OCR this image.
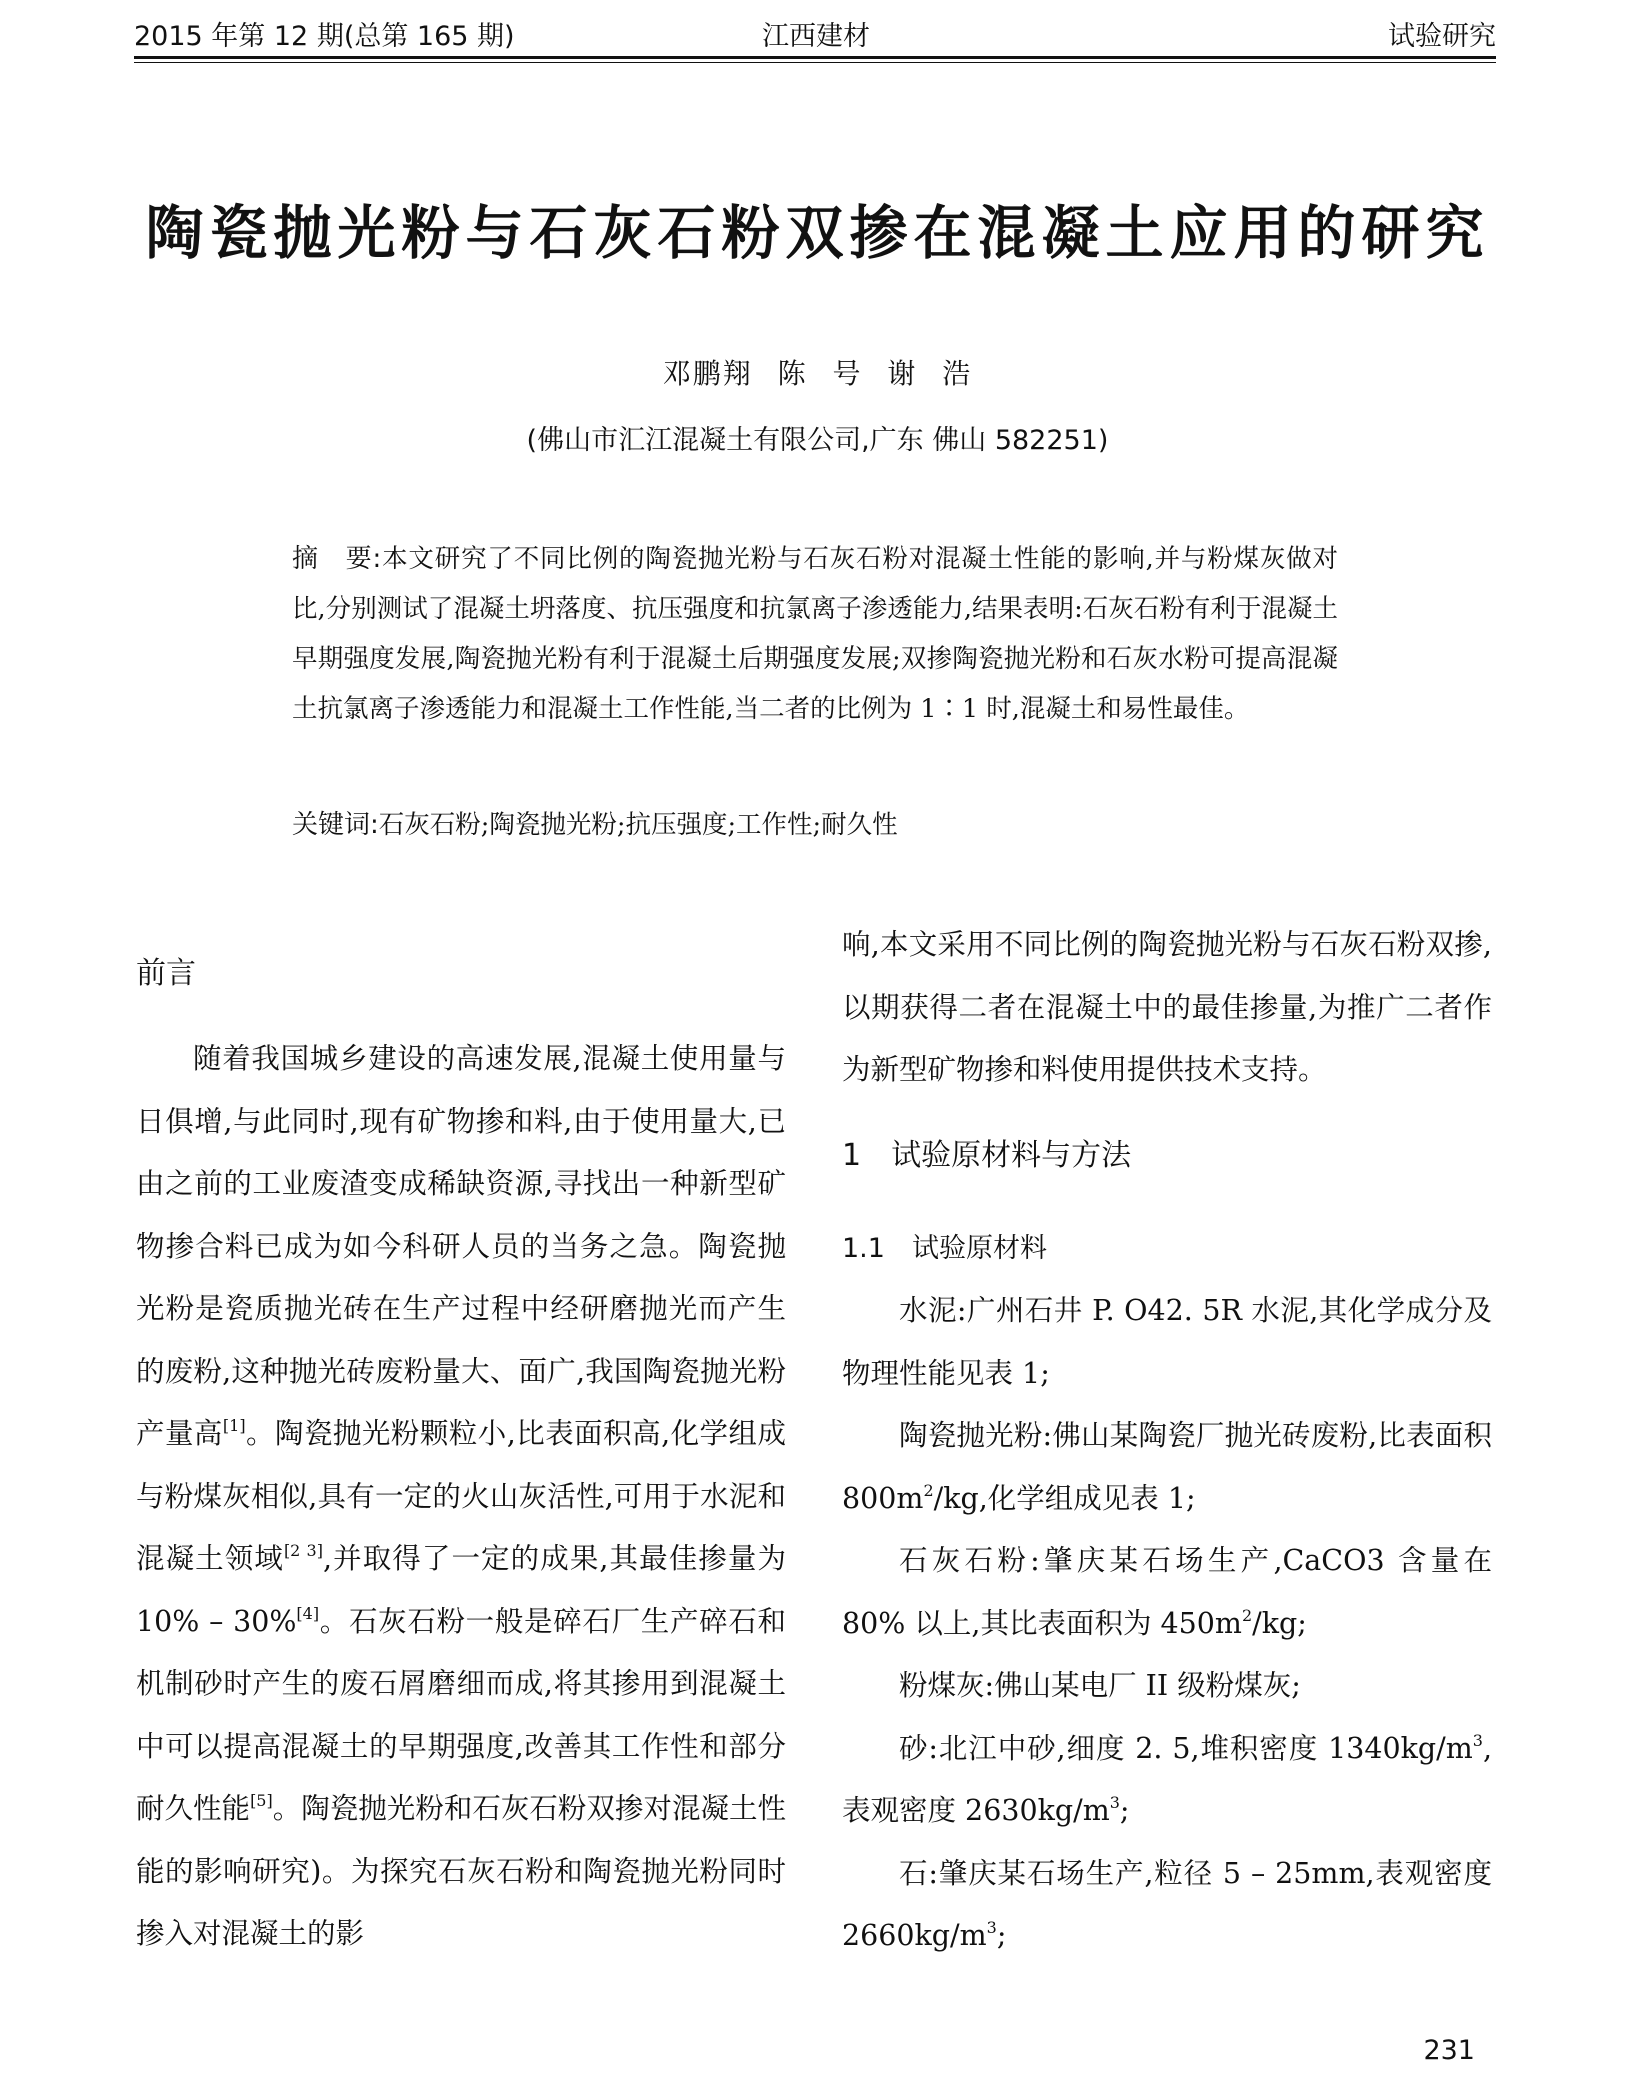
2015 年第 12 期(总第 165 期)	江西建材	试验研究
陶瓷抛光粉与石灰石粉双掺在混凝土应用的研究
邓鹏翔 陈 号 谢 浩
(佛山市汇江混凝土有限公司,广东 佛山 582251)
摘　要:本文研究了不同比例的陶瓷抛光粉与石灰石粉对混凝土性能的影响,并与粉煤灰做对比,分别测试了混凝土坍落度、抗压强度和抗氯离子渗透能力,结果表明:石灰石粉有利于混凝土早期强度发展,陶瓷抛光粉有利于混凝土后期强度发展;双掺陶瓷抛光粉和石灰水粉可提高混凝土抗氯离子渗透能力和混凝土工作性能,当二者的比例为 1∶1 时,混凝土和易性最佳。
关键词:石灰石粉;陶瓷抛光粉;抗压强度;工作性;耐久性
前言

随着我国城乡建设的高速发展,混凝土使用量与日俱增,与此同时,现有矿物掺和料,由于使用量大,已由之前的工业废渣变成稀缺资源,寻找出一种新型矿物掺合料已成为如今科研人员的当务之急。陶瓷抛光粉是瓷质抛光砖在生产过程中经研磨抛光而产生的废粉,这种抛光砖废粉量大、面广,我国陶瓷抛光粉产量高[1]。陶瓷抛光粉颗粒小,比表面积高,化学组成与粉煤灰相似,具有一定的火山灰活性,可用于水泥和混凝土领域[2 3],并取得了一定的成果,其最佳掺量为 10% – 30%[4]。石灰石粉一般是碎石厂生产碎石和机制砂时产生的废石屑磨细而成,将其掺用到混凝土中可以提高混凝土的早期强度,改善其工作性和部分耐久性能[5]。陶瓷抛光粉和石灰石粉双掺对混凝土性能的影响研究)。为探究石灰石粉和陶瓷抛光粉同时掺入对混凝土的影

响,本文采用不同比例的陶瓷抛光粉与石灰石粉双掺,以期获得二者在混凝土中的最佳掺量,为推广二者作为新型矿物掺和料使用提供技术支持。

1　试验原材料与方法
1.1　试验原材料

水泥:广州石井 P. O42. 5R 水泥,其化学成分及物理性能见表 1;

陶瓷抛光粉:佛山某陶瓷厂抛光砖废粉,比表面积 $800m^2/kg$,化学组成见表 1;

石灰石粉:肇庆某石场生产,CaCO3 含量在 80% 以上,其比表面积为 $450m^2/kg$;

粉煤灰:佛山某电厂 II 级粉煤灰;

砂:北江中砂,细度 2. 5,堆积密度 $1340kg/m^3$,表观密度 $2630kg/m^3$;

石:肇庆某石场生产,粒径 5 – 25mm,表观密度 $2660kg/m^3$;

231
